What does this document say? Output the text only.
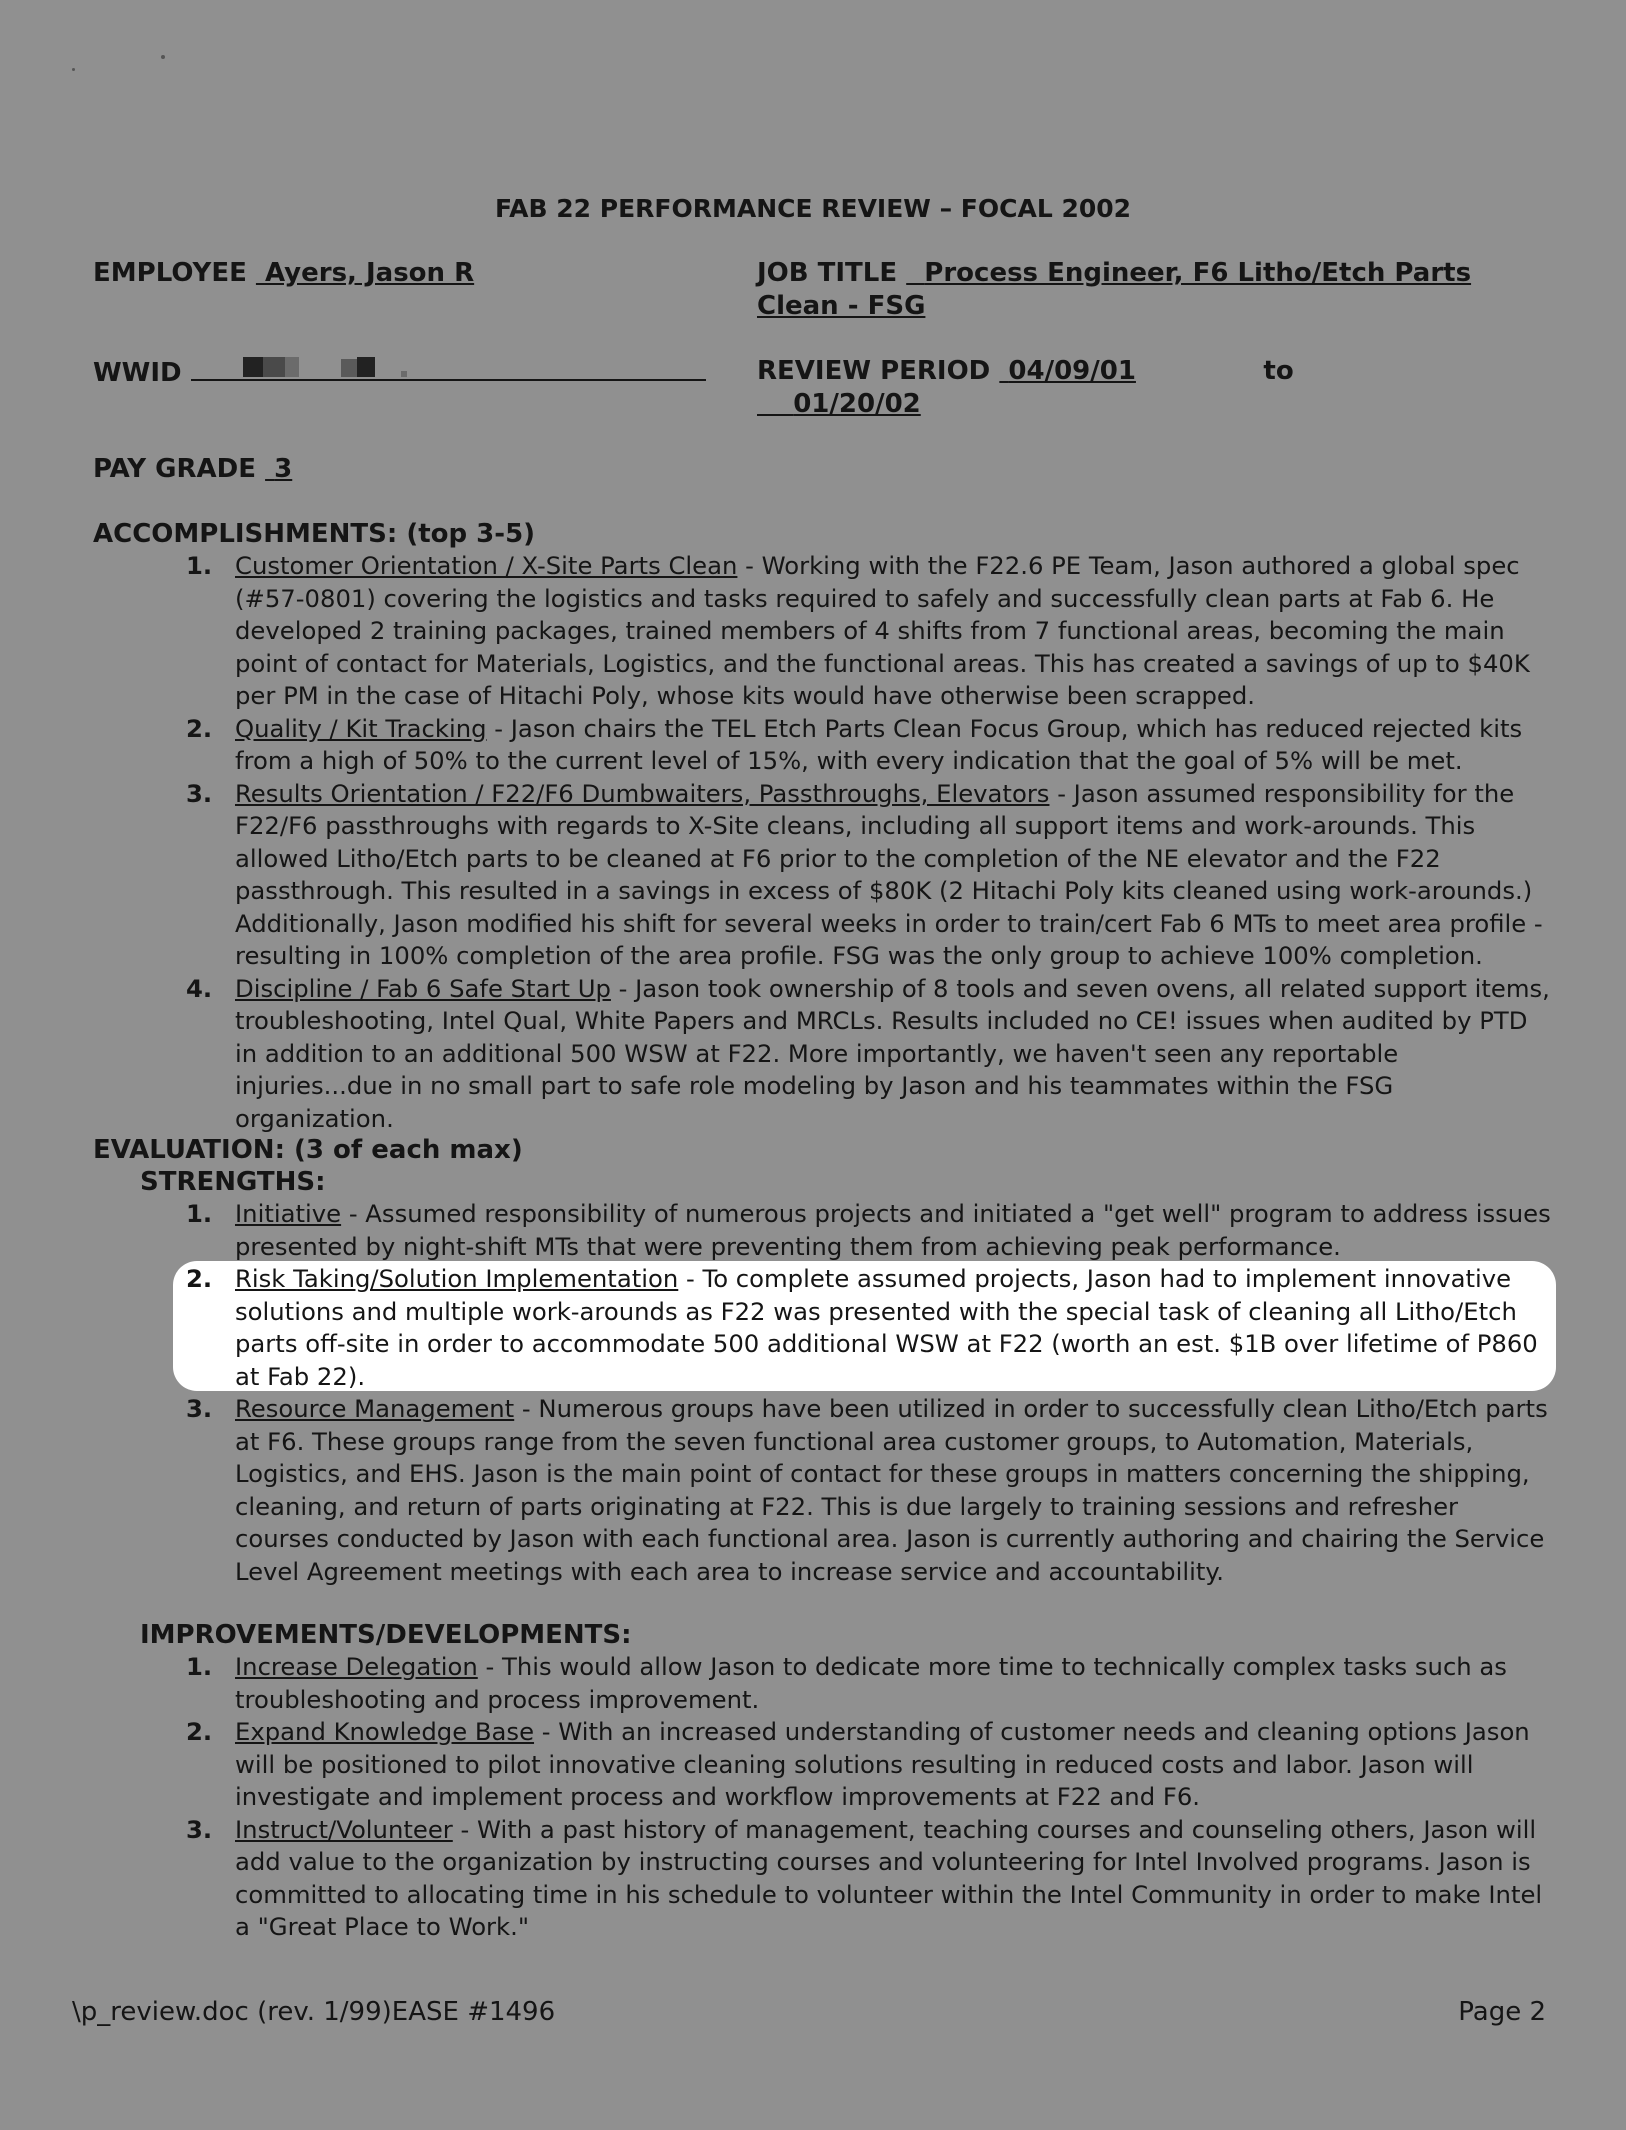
FAB 22 PERFORMANCE REVIEW – FOCAL 2002
EMPLOYEE Ayers, Jason R	JOB TITLE Process Engineer, F6 Litho/Etch Parts
Clean - FSG
WWID	REVIEW PERIOD 04/09/01	to
01/20/02
PAY GRADE 3
ACCOMPLISHMENTS: (top 3-5)
1. Customer Orientation / X-Site Parts Clean - Working with the F22.6 PE Team, Jason authored a global spec (#57-0801) covering the logistics and tasks required to safely and successfully clean parts at Fab 6. He developed 2 training packages, trained members of 4 shifts from 7 functional areas, becoming the main point of contact for Materials, Logistics, and the functional areas. This has created a savings of up to $40K per PM in the case of Hitachi Poly, whose kits would have otherwise been scrapped.
2. Quality / Kit Tracking - Jason chairs the TEL Etch Parts Clean Focus Group, which has reduced rejected kits from a high of 50% to the current level of 15%, with every indication that the goal of 5% will be met.
3. Results Orientation / F22/F6 Dumbwaiters, Passthroughs, Elevators - Jason assumed responsibility for the F22/F6 passthroughs with regards to X-Site cleans, including all support items and work-arounds. This allowed Litho/Etch parts to be cleaned at F6 prior to the completion of the NE elevator and the F22 passthrough. This resulted in a savings in excess of $80K (2 Hitachi Poly kits cleaned using work-arounds.) Additionally, Jason modified his shift for several weeks in order to train/cert Fab 6 MTs to meet area profile - resulting in 100% completion of the area profile. FSG was the only group to achieve 100% completion.
4. Discipline / Fab 6 Safe Start Up - Jason took ownership of 8 tools and seven ovens, all related support items, troubleshooting, Intel Qual, White Papers and MRCLs. Results included no CE! issues when audited by PTD in addition to an additional 500 WSW at F22. More importantly, we haven't seen any reportable injuries...due in no small part to safe role modeling by Jason and his teammates within the FSG organization.
EVALUATION: (3 of each max)
STRENGTHS:
1. Initiative - Assumed responsibility of numerous projects and initiated a "get well" program to address issues presented by night-shift MTs that were preventing them from achieving peak performance.
2. Risk Taking/Solution Implementation - To complete assumed projects, Jason had to implement innovative solutions and multiple work-arounds as F22 was presented with the special task of cleaning all Litho/Etch parts off-site in order to accommodate 500 additional WSW at F22 (worth an est. $1B over lifetime of P860 at Fab 22).
3. Resource Management - Numerous groups have been utilized in order to successfully clean Litho/Etch parts at F6. These groups range from the seven functional area customer groups, to Automation, Materials, Logistics, and EHS. Jason is the main point of contact for these groups in matters concerning the shipping, cleaning, and return of parts originating at F22. This is due largely to training sessions and refresher courses conducted by Jason with each functional area. Jason is currently authoring and chairing the Service Level Agreement meetings with each area to increase service and accountability.
IMPROVEMENTS/DEVELOPMENTS:
1. Increase Delegation - This would allow Jason to dedicate more time to technically complex tasks such as troubleshooting and process improvement.
2. Expand Knowledge Base - With an increased understanding of customer needs and cleaning options Jason will be positioned to pilot innovative cleaning solutions resulting in reduced costs and labor. Jason will investigate and implement process and workflow improvements at F22 and F6.
3. Instruct/Volunteer - With a past history of management, teaching courses and counseling others, Jason will add value to the organization by instructing courses and volunteering for Intel Involved programs. Jason is committed to allocating time in his schedule to volunteer within the Intel Community in order to make Intel a "Great Place to Work."
\p_review.doc (rev. 1/99)EASE #1496	Page 2
